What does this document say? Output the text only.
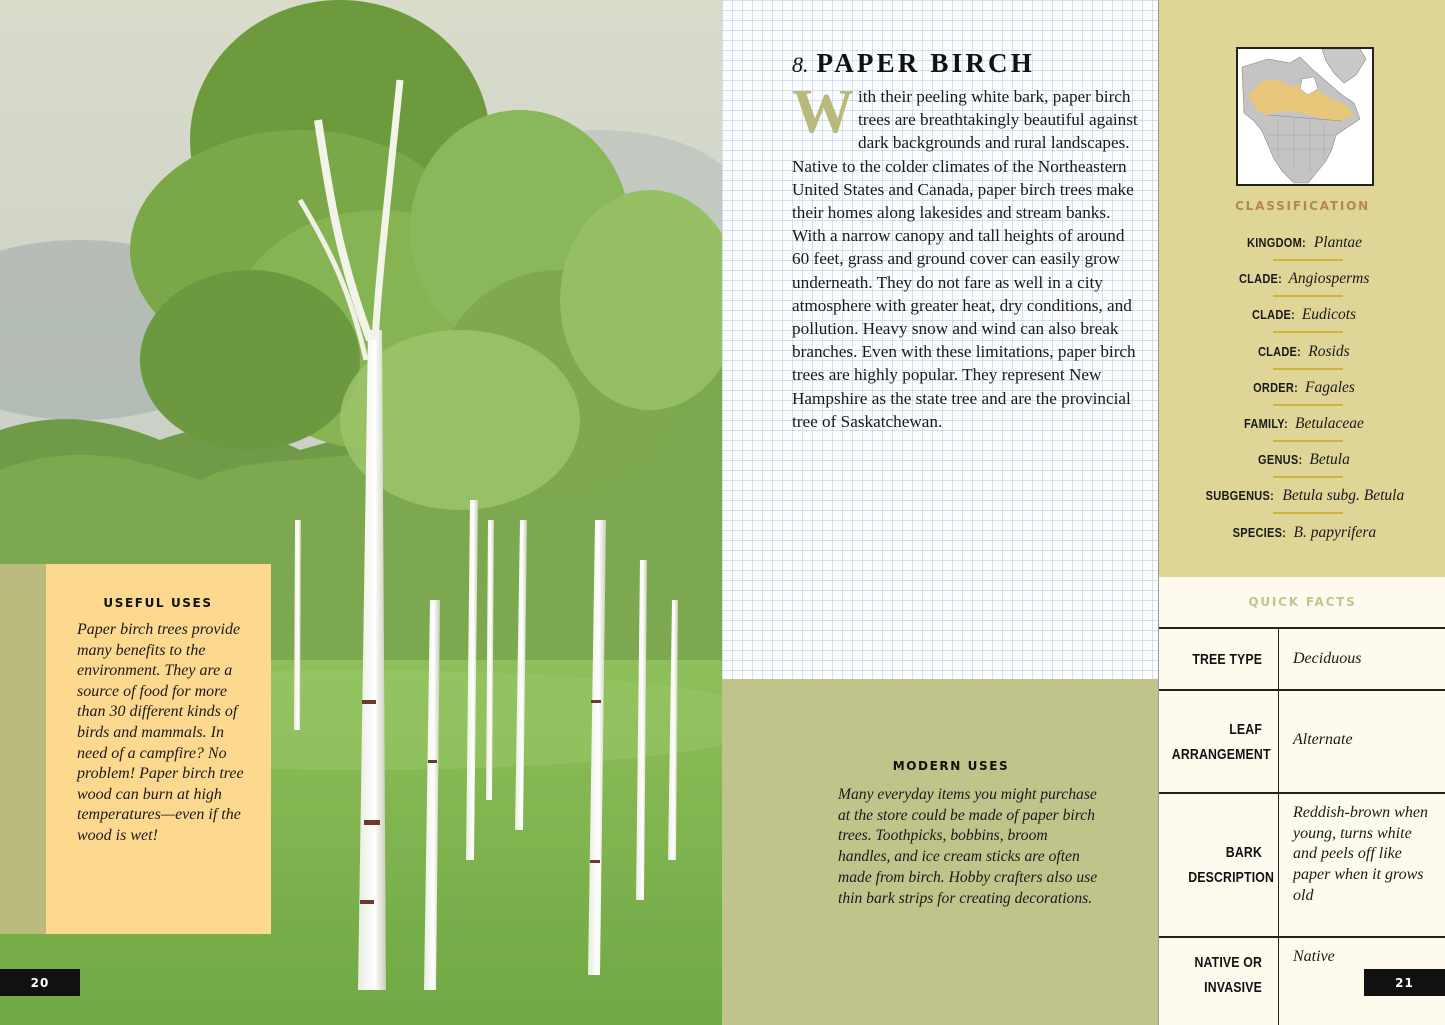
USEFUL USES
Paper birch trees provide many benefits to the environment. They are a source of food for more than 30 different kinds of birds and mammals. In need of a campfire? No problem! Paper birch tree wood can burn at high temperatures—even if the wood is wet!
20
8. PAPER BIRCH
With their peeling white bark, paper birch trees are breathtakingly beautiful against dark backgrounds and rural landscapes. Native to the colder climates of the Northeastern United States and Canada, paper birch trees make their homes along lakesides and stream banks. With a narrow canopy and tall heights of around 60 feet, grass and ground cover can easily grow underneath. They do not fare as well in a city atmosphere with greater heat, dry conditions, and pollution. Heavy snow and wind can also break branches. Even with these limitations, paper birch trees are highly popular. They represent New Hampshire as the state tree and are the provincial tree of Saskatchewan.
MODERN USES
Many everyday items you might purchase at the store could be made of paper birch trees. Toothpicks, bobbins, broom handles, and ice cream sticks are often made from birch. Hobby crafters also use thin bark strips for creating decorations.
CLASSIFICATION
KINGDOM: Plantae
CLADE: Angiosperms
CLADE: Eudicots
CLADE: Rosids
ORDER: Fagales
FAMILY: Betulaceae
GENUS: Betula
SUBGENUS: Betula subg. Betula
SPECIES: B. papyrifera
QUICK FACTS
TREE TYPE	Deciduous
LEAF ARRANGEMENT
Alternate
BARK DESCRIPTION
Reddish-brown when young, turns white and peels off like paper when it grows old
NATIVE OR INVASIVE
Native
21
